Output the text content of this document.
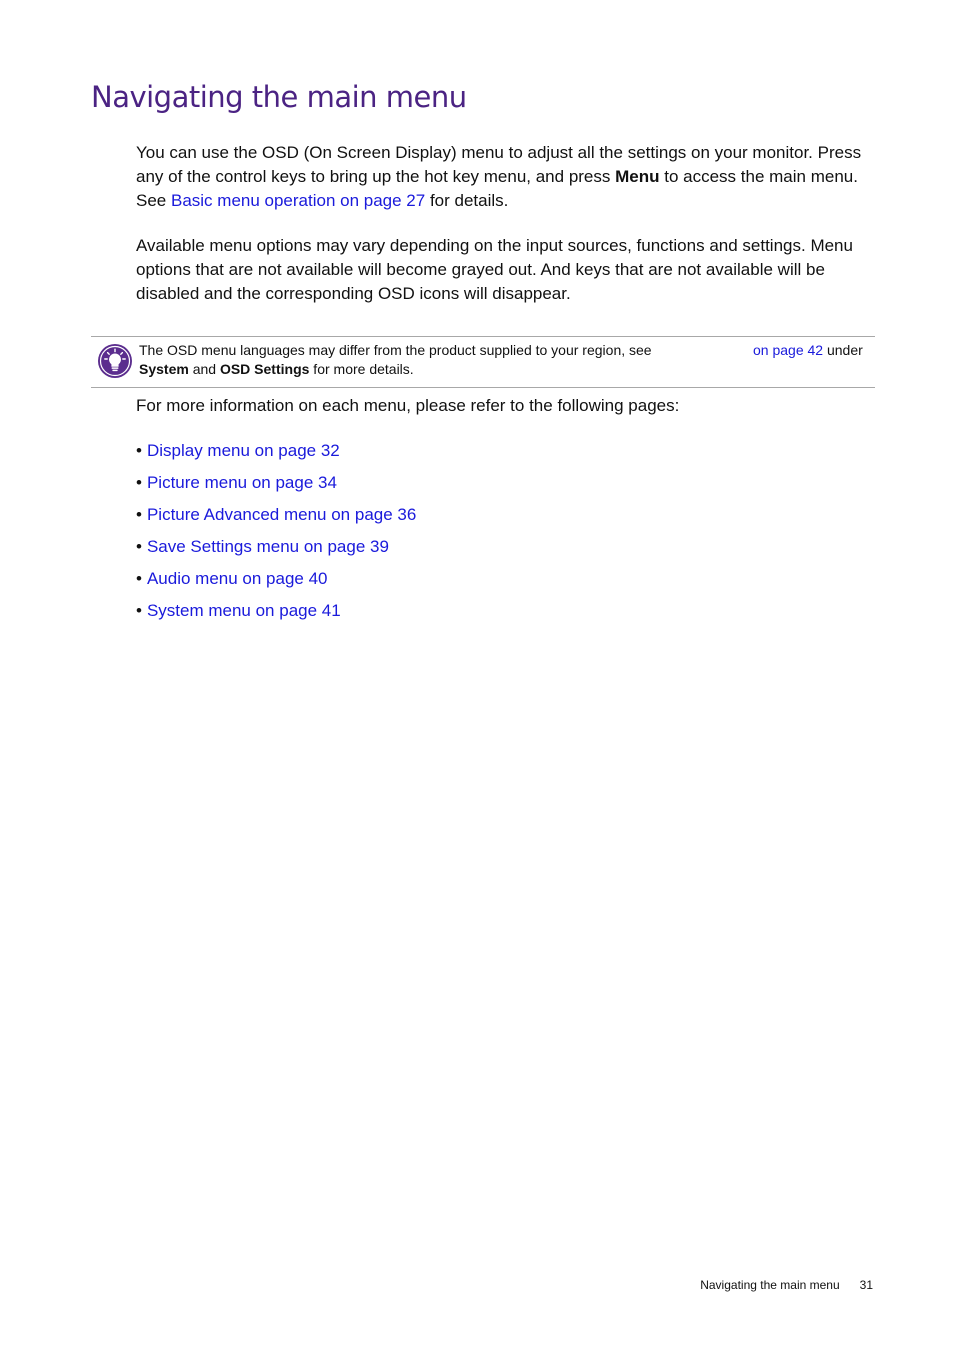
Navigating the main menu

You can use the OSD (On Screen Display) menu to adjust all the settings on your monitor. Press any of the control keys to bring up the hot key menu, and press Menu to access the main menu. See Basic menu operation on page 27 for details.

Available menu options may vary depending on the input sources, functions and settings. Menu options that are not available will become grayed out. And keys that are not available will be disabled and the corresponding OSD icons will disappear.

The OSD menu languages may differ from the product supplied to your region, see	on page 42 under
System and OSD Settings for more details.

For more information on each menu, please refer to the following pages:

• Display menu on page 32
• Picture menu on page 34
• Picture Advanced menu on page 36
• Save Settings menu on page 39
• Audio menu on page 40
• System menu on page 41
Navigating the main menu 31
